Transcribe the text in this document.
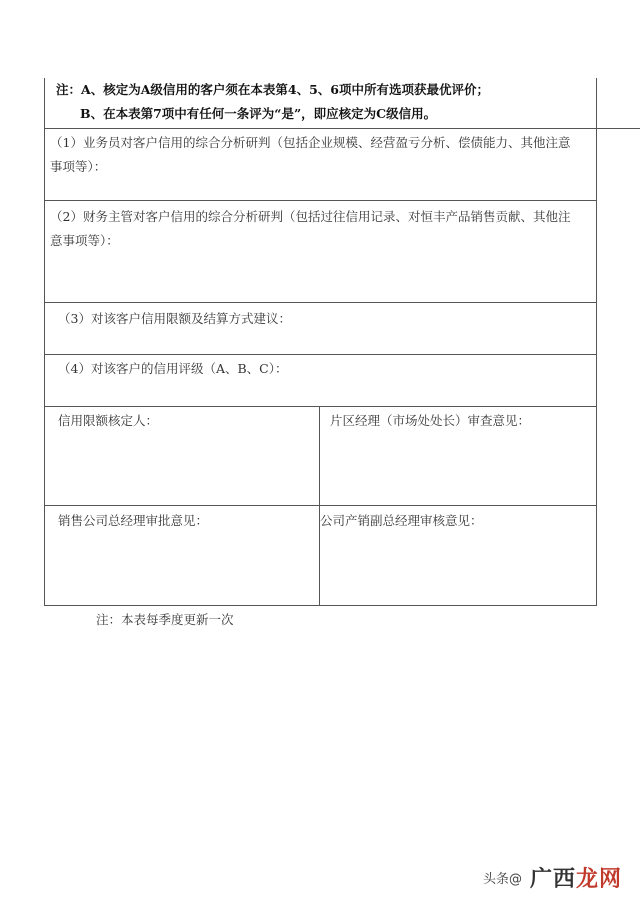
注：A、核定为A级信用的客户须在本表第4、5、6项中所有选项获最优评价；
B、在本表第7项中有任何一条评为“是”，即应核定为C级信用。
（1）业务员对客户信用的综合分析研判（包括企业规模、经营盈亏分析、偿债能力、其他注意
事项等）：
（2）财务主管对客户信用的综合分析研判（包括过往信用记录、对恒丰产品销售贡献、其他注
意事项等）：
（3）对该客户信用限额及结算方式建议：
（4）对该客户的信用评级（A、B、C）：
信用限额核定人：	片区经理（市场处处长）审查意见：
销售公司总经理审批意见：	公司产销副总经理审核意见：
注：本表每季度更新一次
头条@ 广西龙网
